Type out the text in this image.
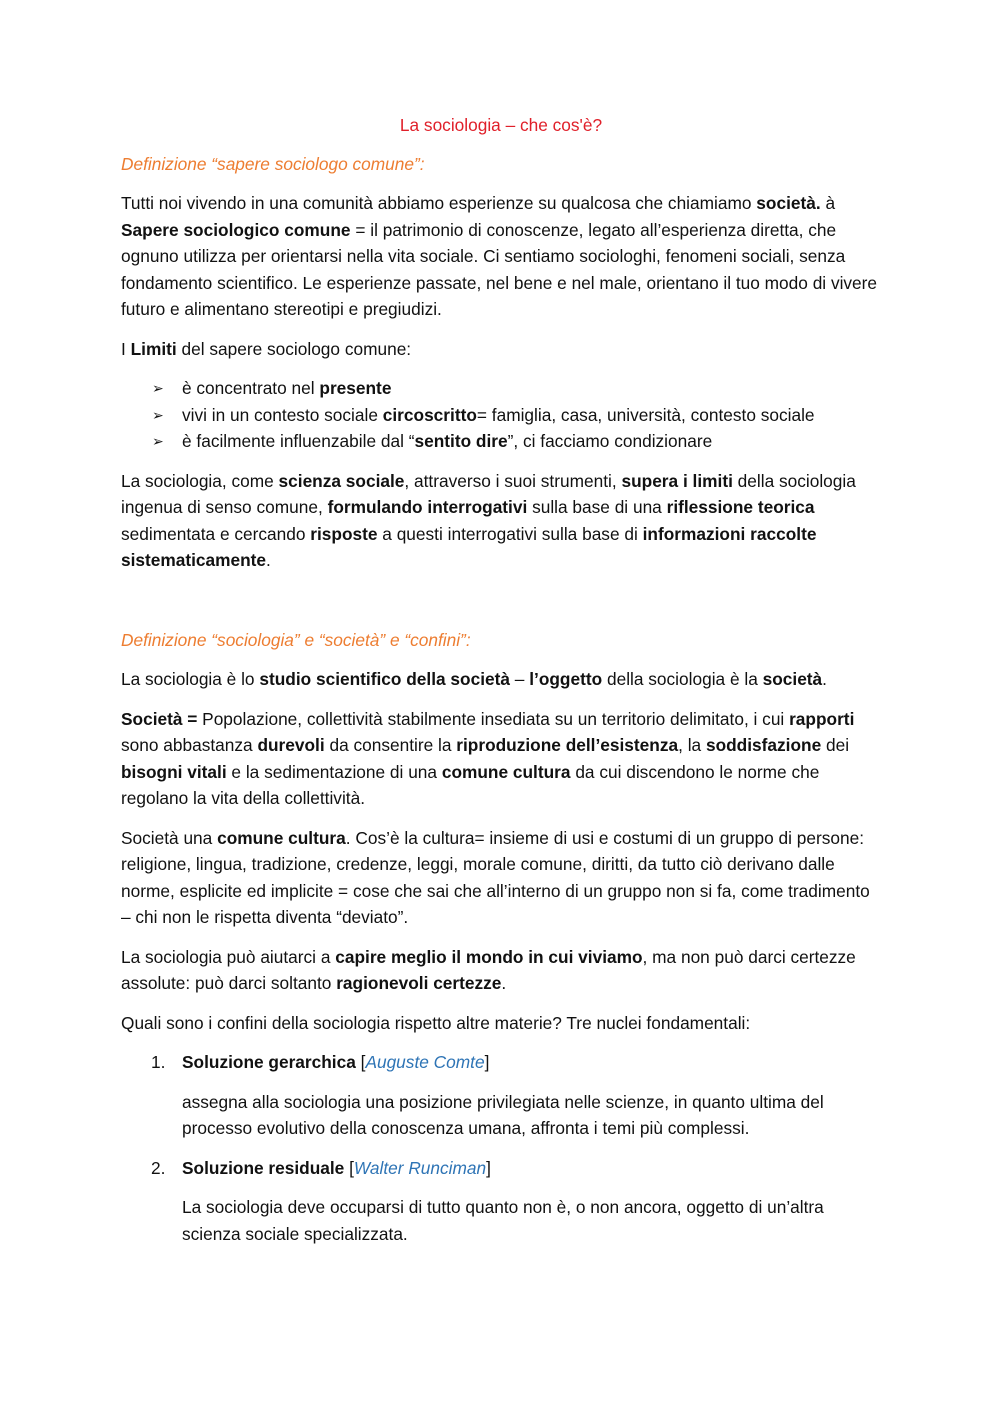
La sociologia – che cos'è?

Definizione “sapere sociologo comune”:

Tutti noi vivendo in una comunità abbiamo esperienze su qualcosa che chiamiamo società. à Sapere sociologico comune = il patrimonio di conoscenze, legato all’esperienza diretta, che ognuno utilizza per orientarsi nella vita sociale. Ci sentiamo sociologhi, fenomeni sociali, senza fondamento scientifico. Le esperienze passate, nel bene e nel male, orientano il tuo modo di vivere futuro e alimentano stereotipi e pregiudizi.

I Limiti del sapere sociologo comune:

➢ è concentrato nel presente
➢ vivi in un contesto sociale circoscritto= famiglia, casa, università, contesto sociale
➢ è facilmente influenzabile dal “sentito dire”, ci facciamo condizionare

La sociologia, come scienza sociale, attraverso i suoi strumenti, supera i limiti della sociologia ingenua di senso comune, formulando interrogativi sulla base di una riflessione teorica sedimentata e cercando risposte a questi interrogativi sulla base di informazioni raccolte sistematicamente.

Definizione “sociologia” e “società” e “confini”:

La sociologia è lo studio scientifico della società – l’oggetto della sociologia è la società.

Società = Popolazione, collettività stabilmente insediata su un territorio delimitato, i cui rapporti sono abbastanza durevoli da consentire la riproduzione dell’esistenza, la soddisfazione dei bisogni vitali e la sedimentazione di una comune cultura da cui discendono le norme che regolano la vita della collettività.

Società una comune cultura. Cos’è la cultura= insieme di usi e costumi di un gruppo di persone: religione, lingua, tradizione, credenze, leggi, morale comune, diritti, da tutto ciò derivano dalle norme, esplicite ed implicite = cose che sai che all’interno di un gruppo non si fa, come tradimento – chi non le rispetta diventa “deviato”.

La sociologia può aiutarci a capire meglio il mondo in cui viviamo, ma non può darci certezze assolute: può darci soltanto ragionevoli certezze.

Quali sono i confini della sociologia rispetto altre materie? Tre nuclei fondamentali:

1. Soluzione gerarchica [Auguste Comte]

assegna alla sociologia una posizione privilegiata nelle scienze, in quanto ultima del processo evolutivo della conoscenza umana, affronta i temi più complessi.

2. Soluzione residuale [Walter Runciman]

La sociologia deve occuparsi di tutto quanto non è, o non ancora, oggetto di un’altra scienza sociale specializzata.
